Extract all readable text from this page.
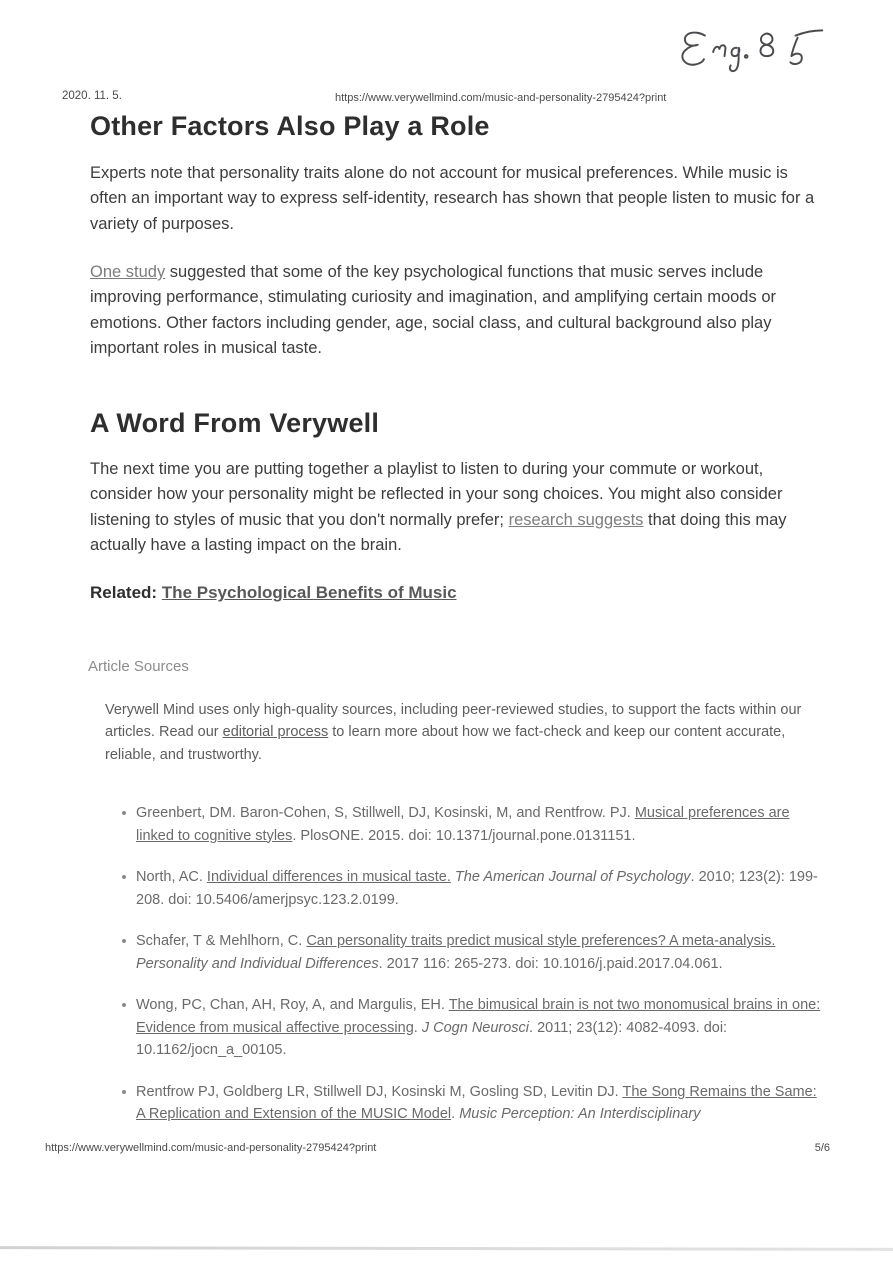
2020. 11. 5.	https://www.verywellmind.com/music-and-personality-2795424?print
Other Factors Also Play a Role

Experts note that personality traits alone do not account for musical preferences. While music is often an important way to express self-identity, research has shown that people listen to music for a variety of purposes.

One study suggested that some of the key psychological functions that music serves include improving performance, stimulating curiosity and imagination, and amplifying certain moods or emotions. Other factors including gender, age, social class, and cultural background also play important roles in musical taste.

A Word From Verywell

The next time you are putting together a playlist to listen to during your commute or workout, consider how your personality might be reflected in your song choices. You might also consider listening to styles of music that you don't normally prefer; research suggests that doing this may actually have a lasting impact on the brain.

Related: The Psychological Benefits of Music

Article Sources

Verywell Mind uses only high-quality sources, including peer-reviewed studies, to support the facts within our articles. Read our editorial process to learn more about how we fact-check and keep our content accurate, reliable, and trustworthy.

Greenbert, DM. Baron-Cohen, S, Stillwell, DJ, Kosinski, M, and Rentfrow. PJ. Musical preferences are linked to cognitive styles. PlosONE. 2015. doi: 10.1371/journal.pone.0131151.
North, AC. Individual differences in musical taste. The American Journal of Psychology. 2010; 123(2): 199-208. doi: 10.5406/amerjpsyc.123.2.0199.
Schafer, T & Mehlhorn, C. Can personality traits predict musical style preferences? A meta-analysis. Personality and Individual Differences. 2017 116: 265-273. doi: 10.1016/j.paid.2017.04.061.
Wong, PC, Chan, AH, Roy, A, and Margulis, EH. The bimusical brain is not two monomusical brains in one: Evidence from musical affective processing. J Cogn Neurosci. 2011; 23(12): 4082-4093. doi: 10.1162/jocn_a_00105.
Rentfrow PJ, Goldberg LR, Stillwell DJ, Kosinski M, Gosling SD, Levitin DJ. The Song Remains the Same: A Replication and Extension of the MUSIC Model. Music Perception: An Interdisciplinary
https://www.verywellmind.com/music-and-personality-2795424?print	5/6
